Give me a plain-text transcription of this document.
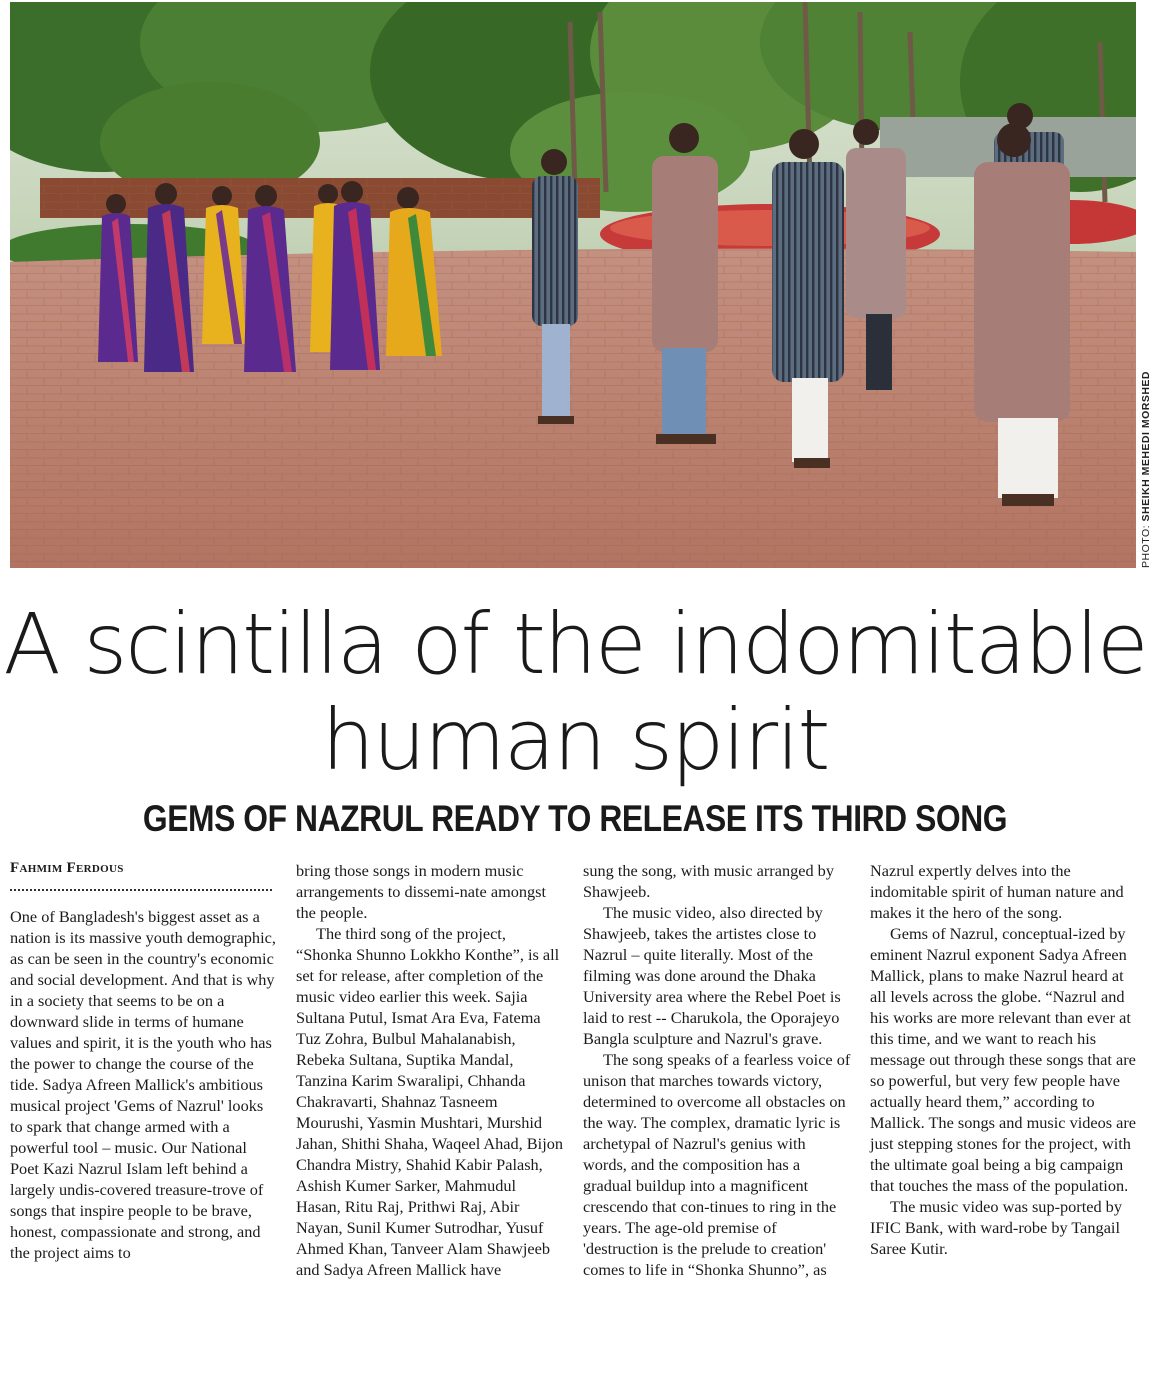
PHOTO: SHEIKH MEHEDI MORSHED
A scintilla of the indomitable
human spirit
GEMS OF NAZRUL READY TO RELEASE ITS THIRD SONG
Fahmim Ferdous

One of Bangladesh's biggest asset as a nation is its massive youth demographic, as can be seen in the country's economic and social development. And that is why in a society that seems to be on a downward slide in terms of humane values and spirit, it is the youth who has the power to change the course of the tide. Sadya Afreen Mallick's ambitious musical project 'Gems of Nazrul' looks to spark that change armed with a powerful tool – music. Our National Poet Kazi Nazrul Islam left behind a largely undis-covered treasure-trove of songs that inspire people to be brave, honest, compassionate and strong, and the project aims to

bring those songs in modern music arrangements to dissemi-nate amongst the people.

The third song of the project, “Shonka Shunno Lokkho Konthe”, is all set for release, after completion of the music video earlier this week. Sajia Sultana Putul, Ismat Ara Eva, Fatema Tuz Zohra, Bulbul Mahalanabish, Rebeka Sultana, Suptika Mandal, Tanzina Karim Swaralipi, Chhanda Chakravarti, Shahnaz Tasneem Mourushi, Yasmin Mushtari, Murshid Jahan, Shithi Shaha, Waqeel Ahad, Bijon Chandra Mistry, Shahid Kabir Palash, Ashish Kumer Sarker, Mahmudul Hasan, Ritu Raj, Prithwi Raj, Abir Nayan, Sunil Kumer Sutrodhar, Yusuf Ahmed Khan, Tanveer Alam Shawjeeb and Sadya Afreen Mallick have

sung the song, with music arranged by Shawjeeb.

The music video, also directed by Shawjeeb, takes the artistes close to Nazrul – quite literally. Most of the filming was done around the Dhaka University area where the Rebel Poet is laid to rest -- Charukola, the Oporajeyo Bangla sculpture and Nazrul's grave.

The song speaks of a fearless voice of unison that marches towards victory, determined to overcome all obstacles on the way. The complex, dramatic lyric is archetypal of Nazrul's genius with words, and the composition has a gradual buildup into a magnificent crescendo that con-tinues to ring in the years. The age-old premise of 'destruction is the prelude to creation' comes to life in “Shonka Shunno”, as

Nazrul expertly delves into the indomitable spirit of human nature and makes it the hero of the song.

Gems of Nazrul, conceptual-ized by eminent Nazrul exponent Sadya Afreen Mallick, plans to make Nazrul heard at all levels across the globe. “Nazrul and his works are more relevant than ever at this time, and we want to reach his message out through these songs that are so powerful, but very few people have actually heard them,” according to Mallick. The songs and music videos are just stepping stones for the project, with the ultimate goal being a big campaign that touches the mass of the population.

The music video was sup-ported by IFIC Bank, with ward-robe by Tangail Saree Kutir.
